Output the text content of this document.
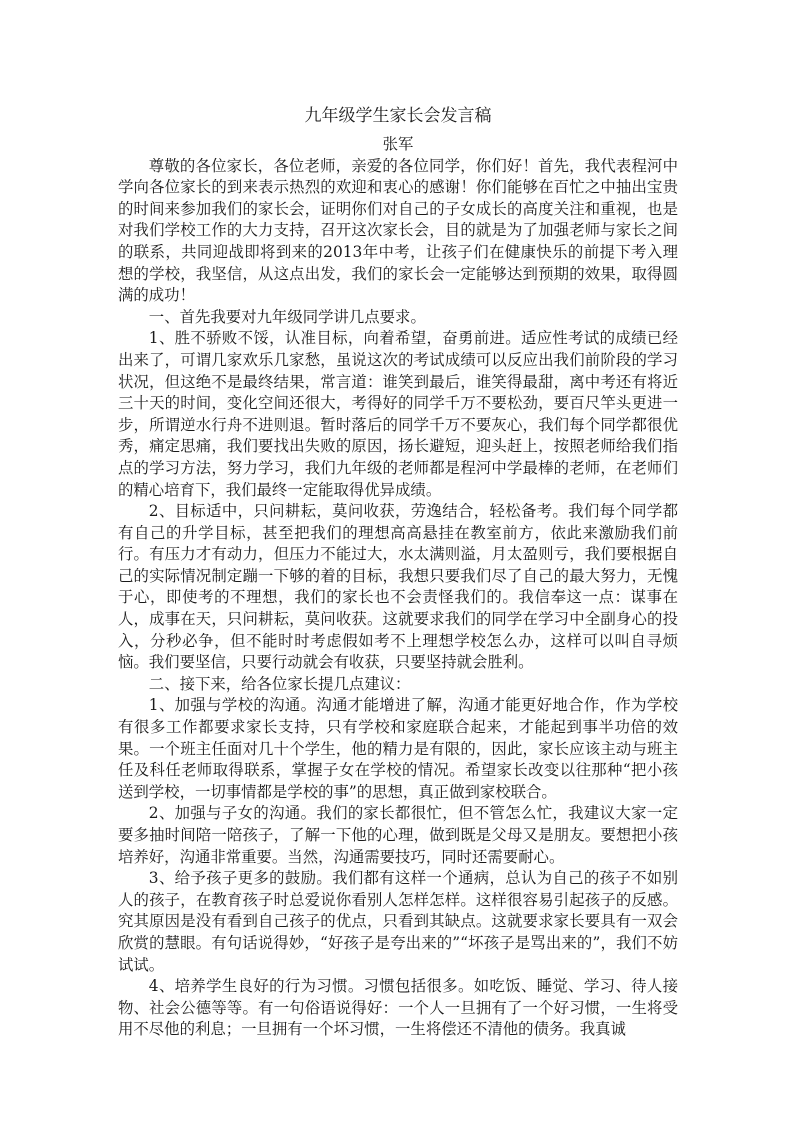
九年级学生家长会发言稿

张军

尊敬的各位家长，各位老师，亲爱的各位同学，你们好！首先，我代表程河中学向各位家长的到来表示热烈的欢迎和衷心的感谢！你们能够在百忙之中抽出宝贵的时间来参加我们的家长会，证明你们对自己的子女成长的高度关注和重视，也是对我们学校工作的大力支持，召开这次家长会，目的就是为了加强老师与家长之间的联系，共同迎战即将到来的2013年中考，让孩子们在健康快乐的前提下考入理想的学校，我坚信，从这点出发，我们的家长会一定能够达到预期的效果，取得圆满的成功！

一、首先我要对九年级同学讲几点要求。

1、胜不骄败不馁，认准目标，向着希望，奋勇前进。适应性考试的成绩已经出来了，可谓几家欢乐几家愁，虽说这次的考试成绩可以反应出我们前阶段的学习状况，但这绝不是最终结果，常言道：谁笑到最后，谁笑得最甜，离中考还有将近三十天的时间，变化空间还很大，考得好的同学千万不要松劲，要百尺竿头更进一步，所谓逆水行舟不进则退。暂时落后的同学千万不要灰心，我们每个同学都很优秀，痛定思痛，我们要找出失败的原因，扬长避短，迎头赶上，按照老师给我们指点的学习方法，努力学习，我们九年级的老师都是程河中学最棒的老师，在老师们的精心培育下，我们最终一定能取得优异成绩。

2、目标适中，只问耕耘，莫问收获，劳逸结合，轻松备考。我们每个同学都有自己的升学目标，甚至把我们的理想高高悬挂在教室前方，依此来激励我们前行。有压力才有动力，但压力不能过大，水太满则溢，月太盈则亏，我们要根据自己的实际情况制定蹦一下够的着的目标，我想只要我们尽了自己的最大努力，无愧于心，即使考的不理想，我们的家长也不会责怪我们的。我信奉这一点：谋事在人，成事在天，只问耕耘，莫问收获。这就要求我们的同学在学习中全副身心的投入，分秒必争，但不能时时考虑假如考不上理想学校怎么办，这样可以叫自寻烦恼。我们要坚信，只要行动就会有收获，只要坚持就会胜利。

二、接下来，给各位家长提几点建议：

1、加强与学校的沟通。沟通才能增进了解，沟通才能更好地合作，作为学校有很多工作都要求家长支持，只有学校和家庭联合起来，才能起到事半功倍的效果。一个班主任面对几十个学生，他的精力是有限的，因此，家长应该主动与班主任及科任老师取得联系，掌握子女在学校的情况。希望家长改变以往那种“把小孩送到学校，一切事情都是学校的事”的思想，真正做到家校联合。

2、加强与子女的沟通。我们的家长都很忙，但不管怎么忙，我建议大家一定要多抽时间陪一陪孩子，了解一下他的心理，做到既是父母又是朋友。要想把小孩培养好，沟通非常重要。当然，沟通需要技巧，同时还需要耐心。

3、给予孩子更多的鼓励。我们都有这样一个通病，总认为自己的孩子不如别人的孩子，在教育孩子时总爱说你看别人怎样怎样。这样很容易引起孩子的反感。究其原因是没有看到自己孩子的优点，只看到其缺点。这就要求家长要具有一双会欣赏的慧眼。有句话说得妙，“好孩子是夸出来的”“坏孩子是骂出来的”，我们不妨试试。

4、培养学生良好的行为习惯。习惯包括很多。如吃饭、睡觉、学习、待人接物、社会公德等等。有一句俗语说得好：一个人一旦拥有了一个好习惯，一生将受用不尽他的利息；一旦拥有一个坏习惯，一生将偿还不清他的债务。我真诚
